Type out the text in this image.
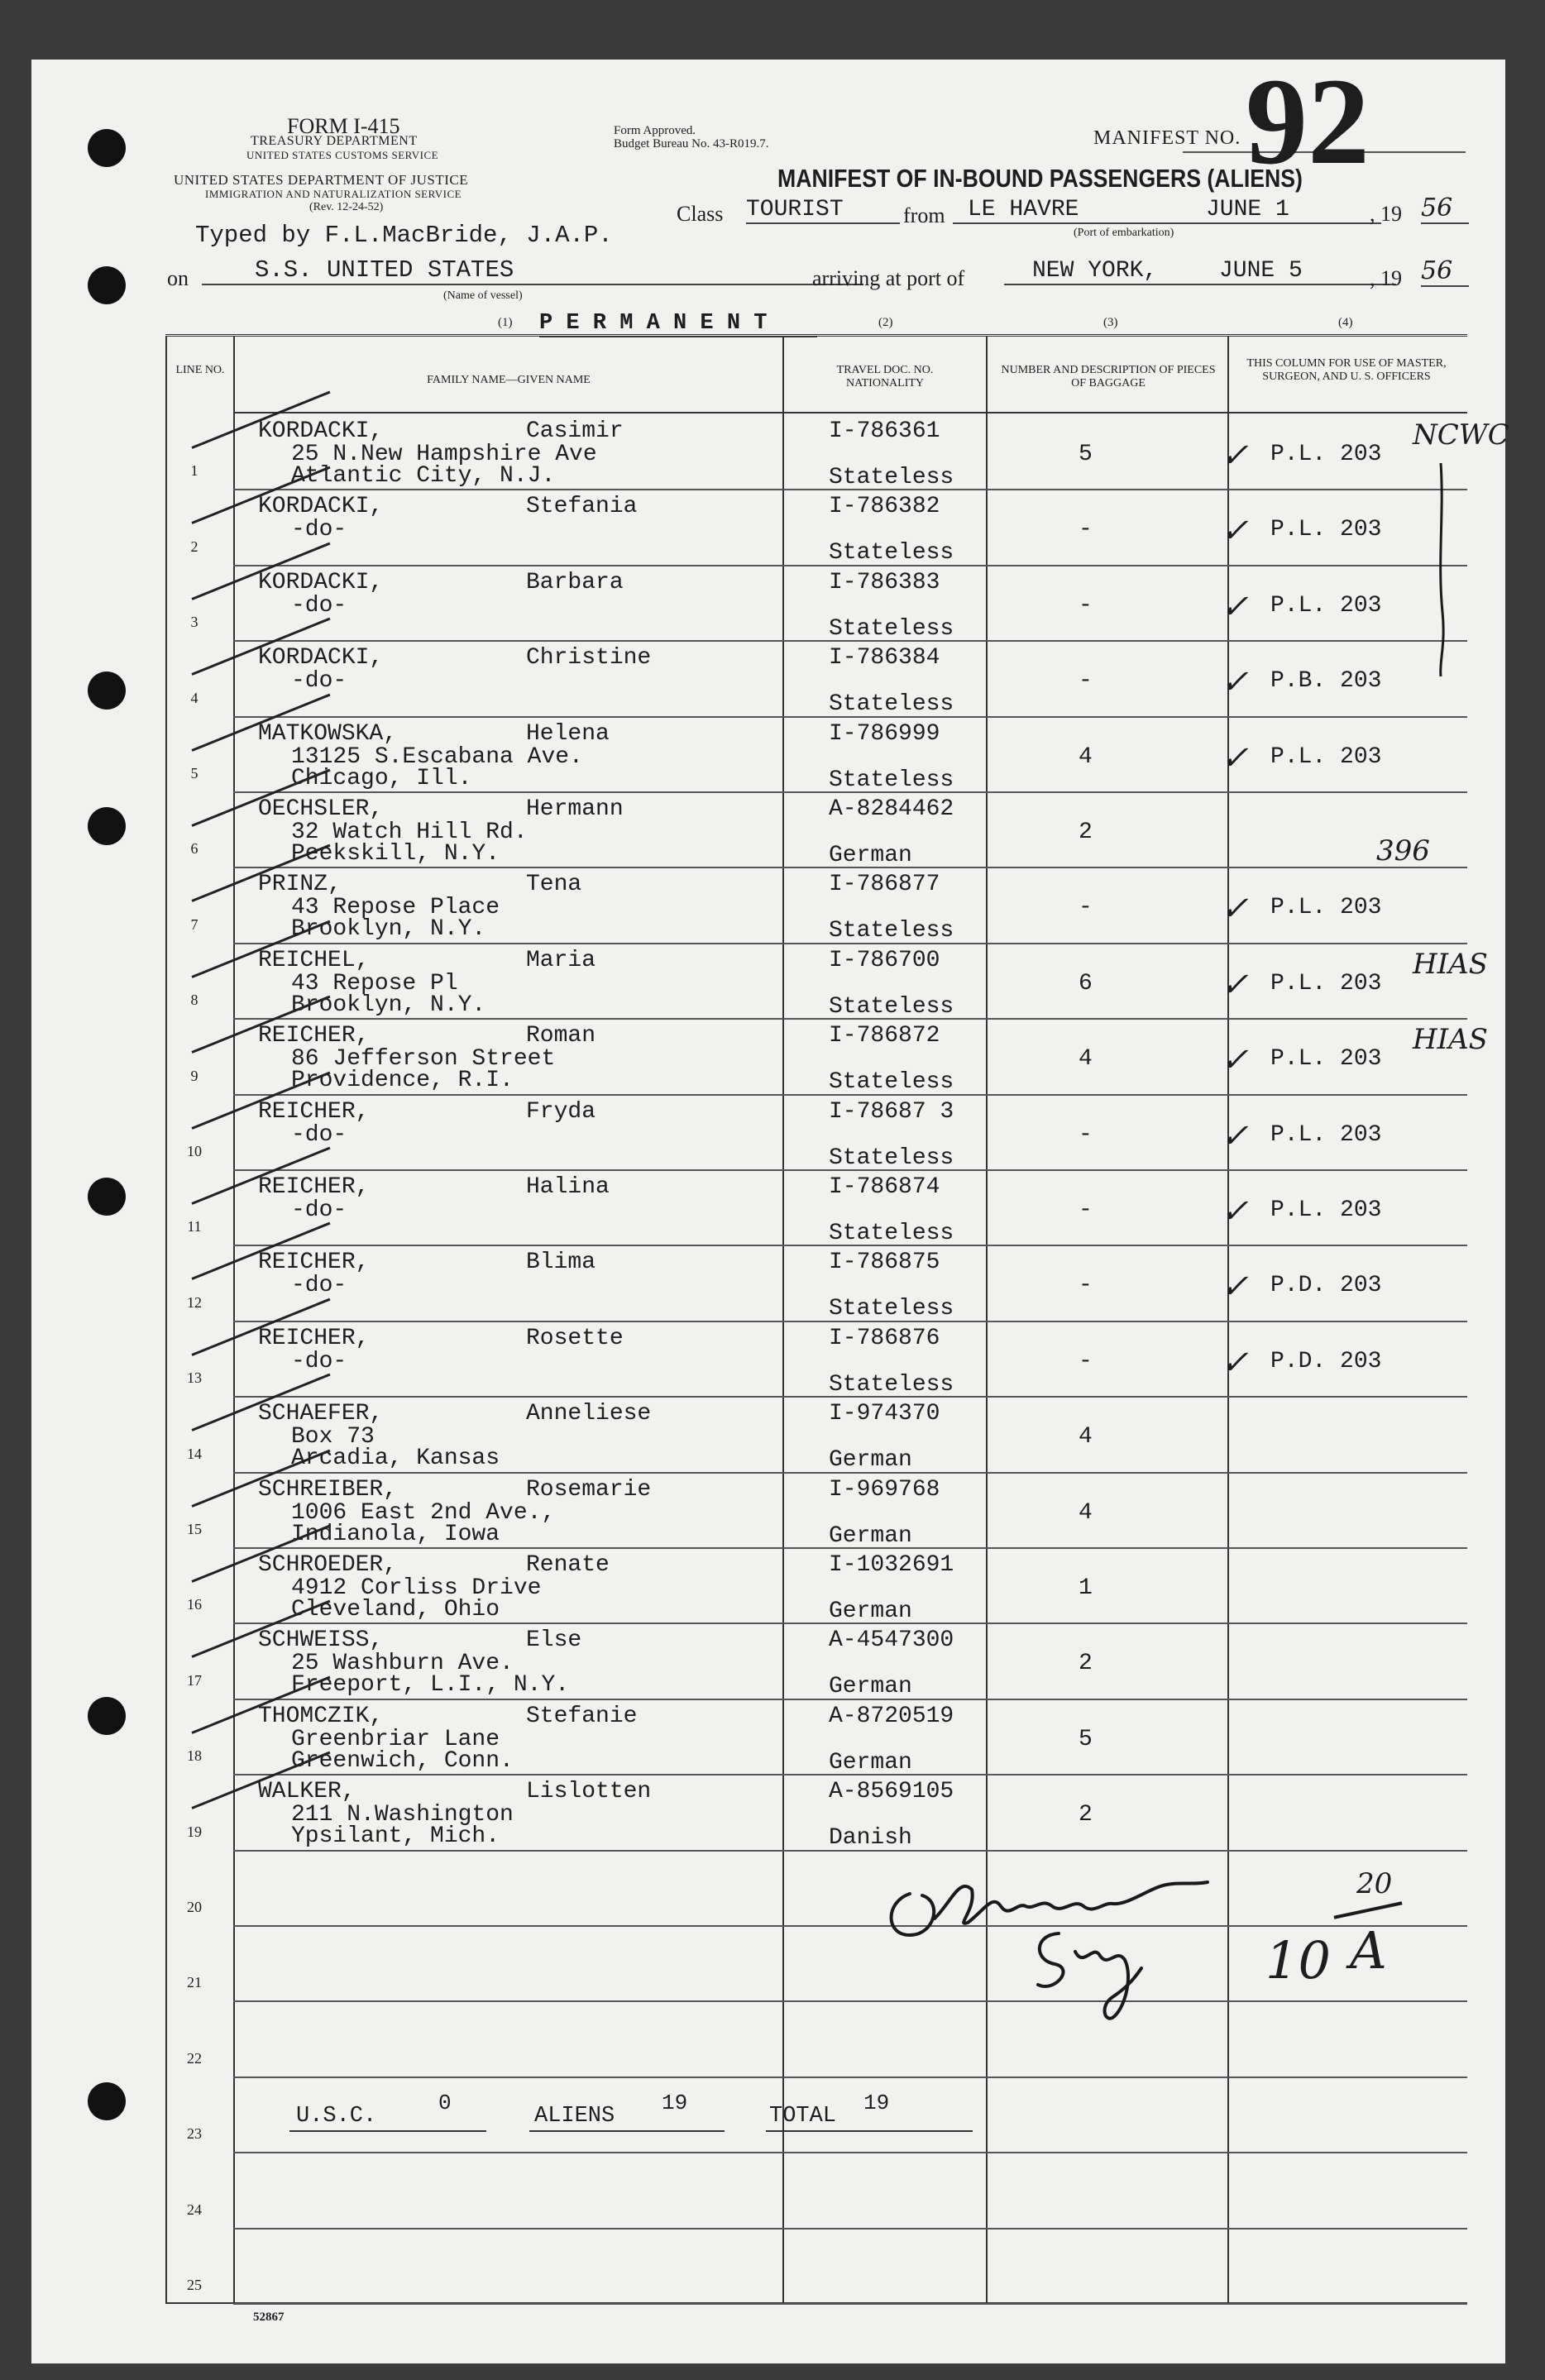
FORM I-415
TREASURY DEPARTMENT
UNITED STATES CUSTOMS SERVICE
UNITED STATES DEPARTMENT OF JUSTICE
IMMIGRATION AND NATURALIZATION SERVICE
(Rev. 12-24-52)
Form Approved.
Budget Bureau No. 43-R019.7.	MANIFEST NO. 92
MANIFEST OF IN-BOUND PASSENGERS (ALIENS)
Typed by F.L.MacBride, J.A.P.
Class TOURIST	from LE HAVRE	JUNE 1
(Port of embarkation)
, 19 56
on	S.S. UNITED STATES
(Name of vessel)
arriving at port of	NEW YORK,	JUNE 5	, 19 56
(1) P E R M A N E N T	(2)	(3)	(4)
LINE NO.
FAMILY NAME—GIVEN NAME
TRAVEL DOC. NO. NATIONALITY
NUMBER AND DESCRIPTION OF PIECES OF BAGGAGE
THIS COLUMN FOR USE OF MASTER, SURGEON, AND U. S. OFFICERS
1
KORDACKI,	Casimir
25 N.New Hampshire Ave
Atlantic City, N.J.
I-786361
Stateless
5	P.L. 203
NCWC
✓
2
KORDACKI,	Stefania
-do-
I-786382
Stateless
-	P.L. 203
✓
3
KORDACKI,	Barbara
-do-
I-786383
Stateless
-	P.L. 203
✓
4
KORDACKI,	Christine
-do-
I-786384
Stateless
-	P.B. 203
✓
5
MATKOWSKA,	Helena
13125 S.Escabana Ave.
Chicago, Ill.
I-786999
Stateless
4	P.L. 203
✓
6
OECHSLER,	Hermann
32 Watch Hill Rd.
Peekskill, N.Y.
A-8284462
German
2
396
7
PRINZ,	Tena
43 Repose Place
Brooklyn, N.Y.
I-786877
Stateless
-	P.L. 203
✓
8
REICHEL,	Maria
43 Repose Pl
Brooklyn, N.Y.
I-786700
Stateless
6	P.L. 203
HIAS
✓
9
REICHER,	Roman
86 Jefferson Street
Providence, R.I.
I-786872
Stateless
4	P.L. 203
HIAS
✓
10
REICHER,	Fryda
-do-
I-78687 3
Stateless
-	P.L. 203
✓
11
REICHER,	Halina
-do-
I-786874
Stateless
-	P.L. 203
✓
12
REICHER,	Blima
-do-
I-786875
Stateless
-	P.D. 203
✓
13
REICHER,	Rosette
-do-
I-786876
Stateless
-	P.D. 203
✓
14
SCHAEFER,	Anneliese
Box 73
Arcadia, Kansas
I-974370
German
4
15
SCHREIBER,	Rosemarie
1006 East 2nd Ave.,
Indianola, Iowa
I-969768
German
4
16
SCHROEDER,	Renate
4912 Corliss Drive
Cleveland, Ohio
I-1032691
German
1
17
SCHWEISS,	Else
25 Washburn Ave.
Freeport, L.I., N.Y.
A-4547300
German
2
18
THOMCZIK,	Stefanie
Greenbriar Lane
Greenwich, Conn.
A-8720519
German
5
19
WALKER,	Lislotten
211 N.Washington
Ypsilant, Mich.
A-8569105
Danish
2
20
21
22
23
24
25
U.S.C.
0
ALIENS
19
TOTAL
19
10
20
A
52867
